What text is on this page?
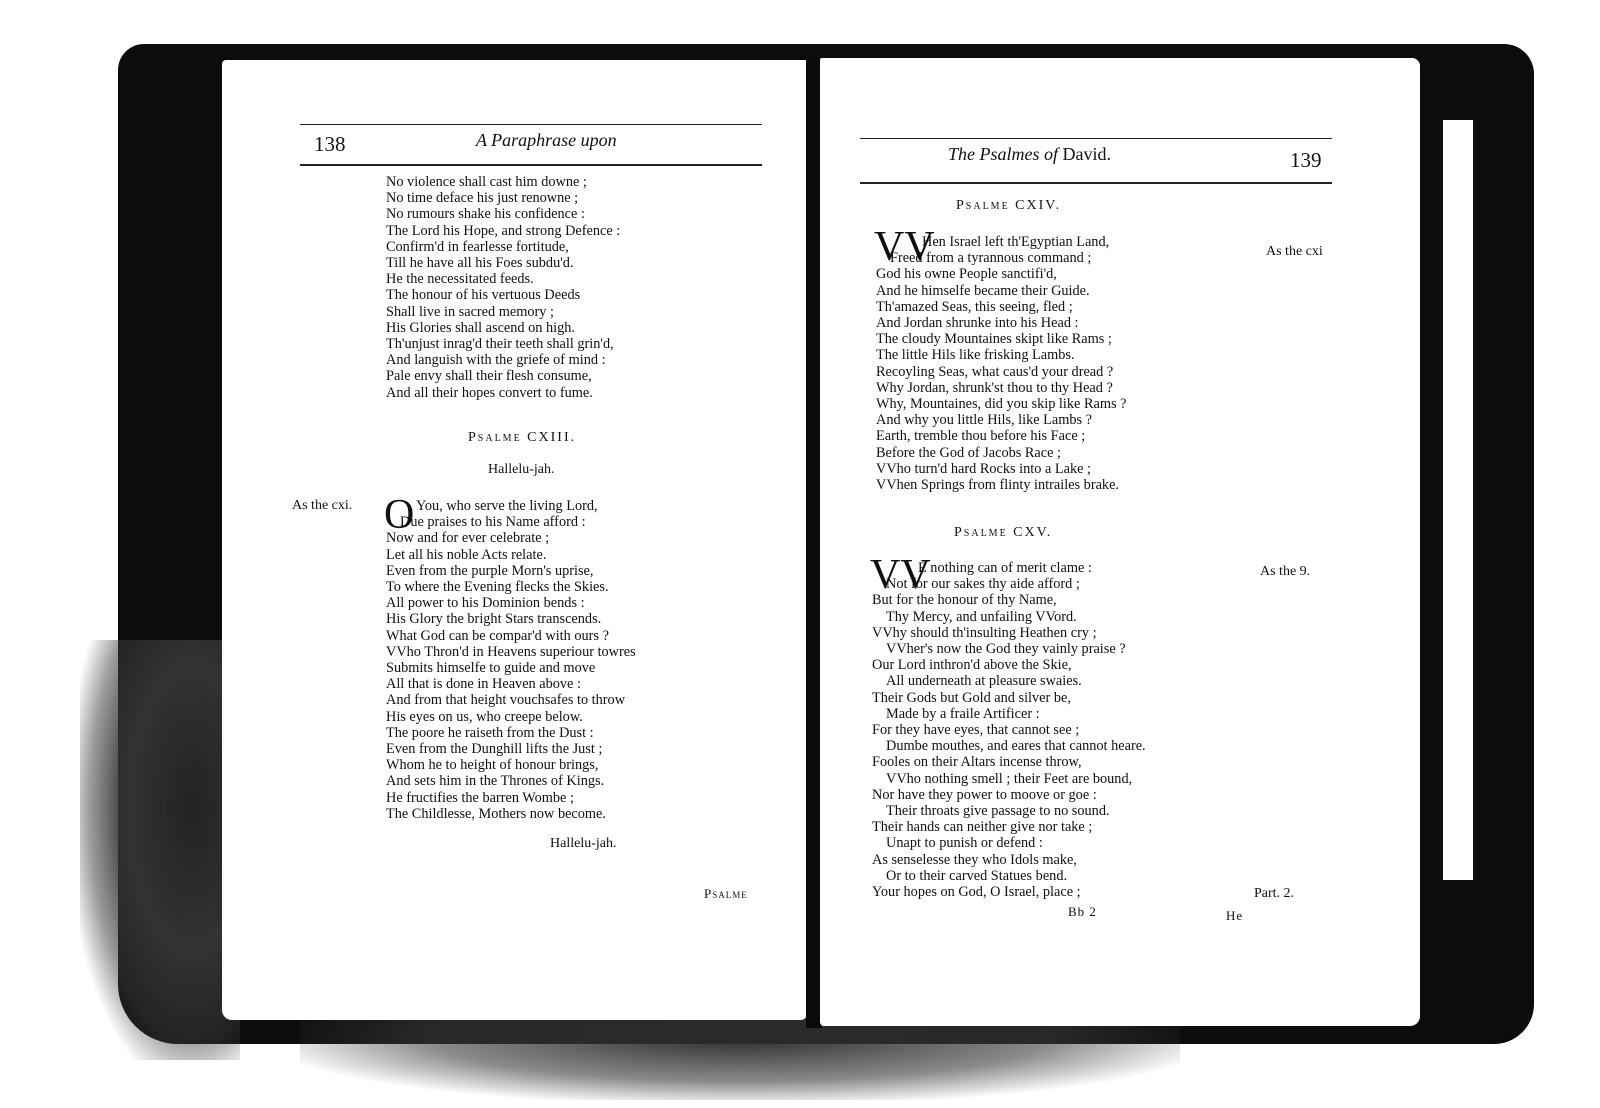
138	A Paraphrase upon
No violence shall cast him downe ;
No time deface his just renowne ;
No rumours shake his confidence :
The Lord his Hope, and strong Defence :
Confirm'd in fearlesse fortitude,
Till he have all his Foes subdu'd.
He the necessitated feeds.
The honour of his vertuous Deeds
Shall live in sacred memory ;
His Glories shall ascend on high.
Th'unjust inrag'd their teeth shall grin'd,
And languish with the griefe of mind :
Pale envy shall their flesh consume,
And all their hopes convert to fume.
Psalme CXIII.
Hallelu-jah.
As the cxi. O You, who serve the living Lord,
Due praises to his Name afford :
Now and for ever celebrate ;
Let all his noble Acts relate.
Even from the purple Morn's uprise,
To where the Evening flecks the Skies.
All power to his Dominion bends :
His Glory the bright Stars transcends.
What God can be compar'd with ours ?
VVho Thron'd in Heavens superiour towres
Submits himselfe to guide and move
All that is done in Heaven above :
And from that height vouchsafes to throw
His eyes on us, who creepe below.
The poore he raiseth from the Dust :
Even from the Dunghill lifts the Just ;
Whom he to height of honour brings,
And sets him in the Thrones of Kings.
He fructifies the barren Wombe ;
The Childlesse, Mothers now become.
Hallelu-jah.
Psalme
The Psalmes of David.	139
Psalme CXIV.
VV
Hen Israel left th'Egyptian Land,
Freed from a tyrannous command ;
God his owne People sanctifi'd,
And he himselfe became their Guide.
Th'amazed Seas, this seeing, fled ;
And Jordan shrunke into his Head :
The cloudy Mountaines skipt like Rams ;
The little Hils like frisking Lambs.
Recoyling Seas, what caus'd your dread ?
Why Jordan, shrunk'st thou to thy Head ?
Why, Mountaines, did you skip like Rams ?
And why you little Hils, like Lambs ?
Earth, tremble thou before his Face ;
Before the God of Jacobs Race ;
VVho turn'd hard Rocks into a Lake ;
VVhen Springs from flinty intrailes brake.
As the cxi
Psalme CXV.
VV
E nothing can of merit clame :
Not for our sakes thy aide afford ;
But for the honour of thy Name,
Thy Mercy, and unfailing VVord.
VVhy should th'insulting Heathen cry ;
VVher's now the God they vainly praise ?
Our Lord inthron'd above the Skie,
All underneath at pleasure swaies.
Their Gods but Gold and silver be,
Made by a fraile Artificer :
For they have eyes, that cannot see ;
Dumbe mouthes, and eares that cannot heare.
Fooles on their Altars incense throw,
VVho nothing smell ; their Feet are bound,
Nor have they power to moove or goe :
Their throats give passage to no sound.
Their hands can neither give nor take ;
Unapt to punish or defend :
As senselesse they who Idols make,
Or to their carved Statues bend.
Your hopes on God, O Israel, place ;
As the 9.
Part. 2.
Bb 2	He
